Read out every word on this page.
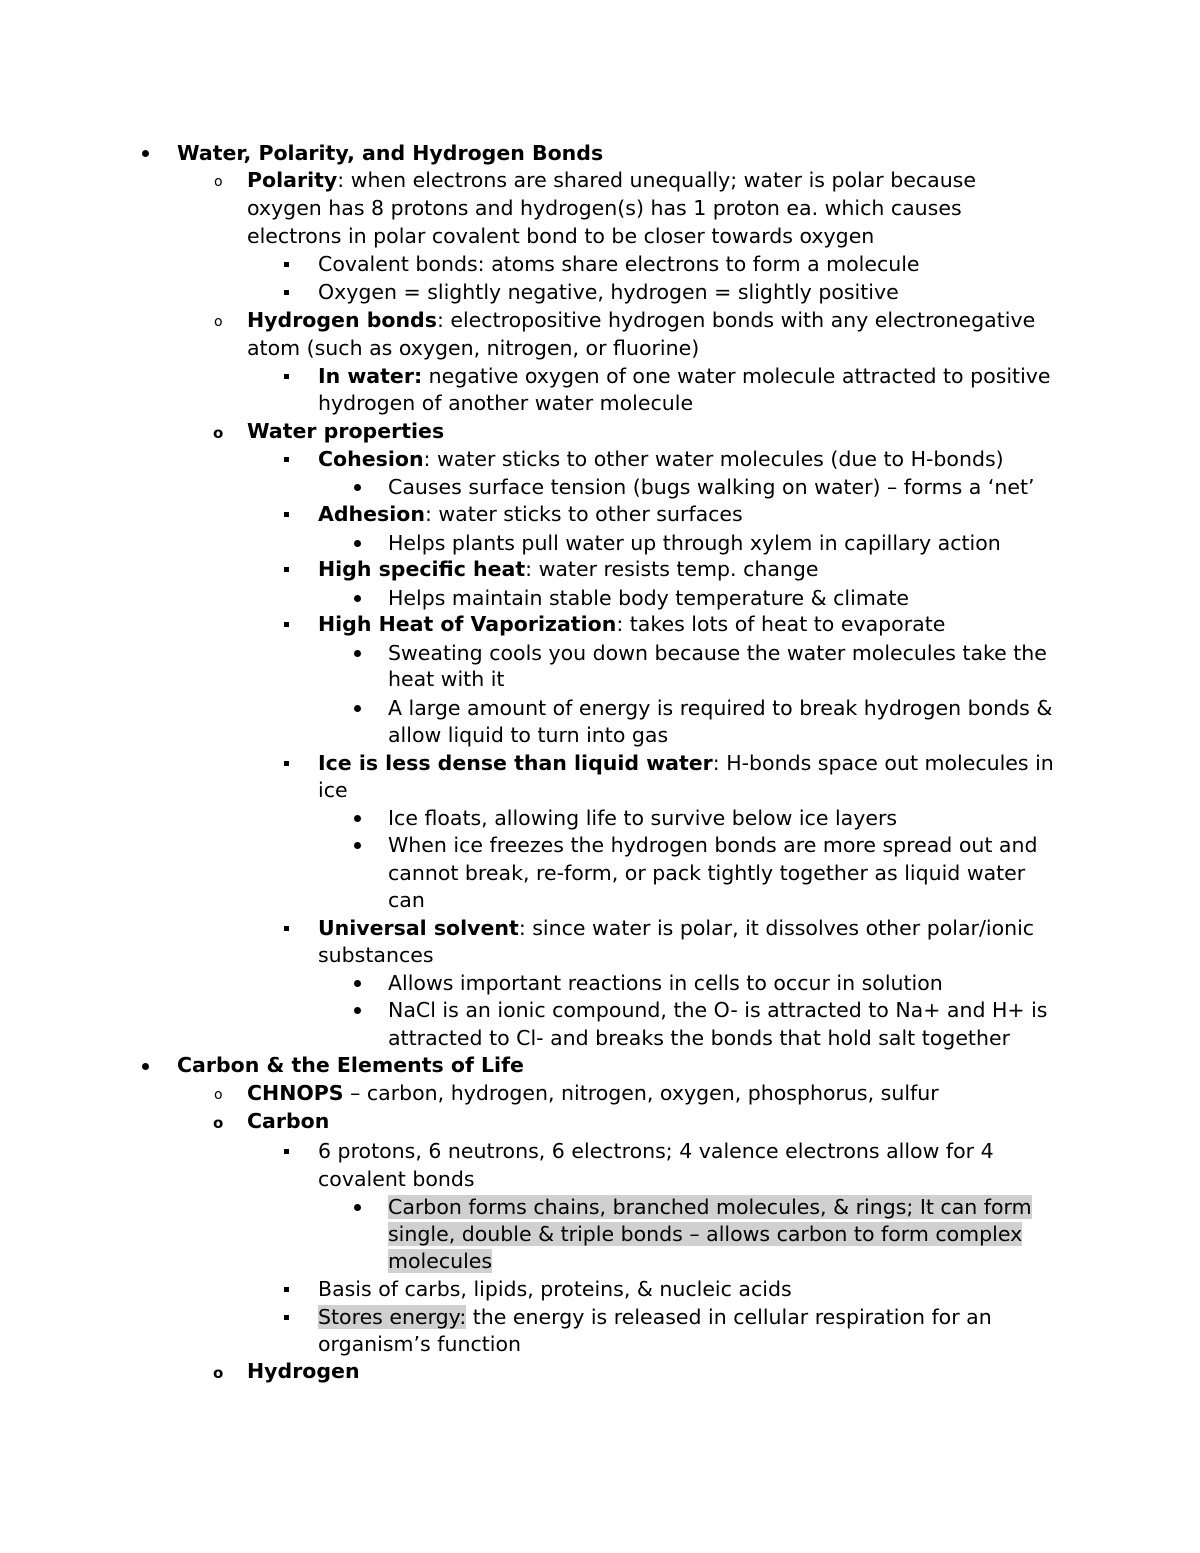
Water, Polarity, and Hydrogen Bonds
o Polarity: when electrons are shared unequally; water is polar because
oxygen has 8 protons and hydrogen(s) has 1 proton ea. which causes
electrons in polar covalent bond to be closer towards oxygen
Covalent bonds: atoms share electrons to form a molecule
Oxygen = slightly negative, hydrogen = slightly positive
o Hydrogen bonds: electropositive hydrogen bonds with any electronegative
atom (such as oxygen, nitrogen, or fluorine)
In water: negative oxygen of one water molecule attracted to positive
hydrogen of another water molecule
o Water properties
Cohesion: water sticks to other water molecules (due to H-bonds)
Causes surface tension (bugs walking on water) – forms a ‘net’
Adhesion: water sticks to other surfaces
Helps plants pull water up through xylem in capillary action
High specific heat: water resists temp. change
Helps maintain stable body temperature & climate
High Heat of Vaporization: takes lots of heat to evaporate
Sweating cools you down because the water molecules take the
heat with it
A large amount of energy is required to break hydrogen bonds &
allow liquid to turn into gas
Ice is less dense than liquid water: H-bonds space out molecules in
ice
Ice floats, allowing life to survive below ice layers
When ice freezes the hydrogen bonds are more spread out and
cannot break, re-form, or pack tightly together as liquid water
can
Universal solvent: since water is polar, it dissolves other polar/ionic
substances
Allows important reactions in cells to occur in solution
NaCl is an ionic compound, the O- is attracted to Na+ and H+ is
attracted to Cl- and breaks the bonds that hold salt together
Carbon & the Elements of Life
o CHNOPS – carbon, hydrogen, nitrogen, oxygen, phosphorus, sulfur
o Carbon
6 protons, 6 neutrons, 6 electrons; 4 valence electrons allow for 4
covalent bonds
Carbon forms chains, branched molecules, & rings; It can form
single, double & triple bonds – allows carbon to form complex
molecules
Basis of carbs, lipids, proteins, & nucleic acids
Stores energy: the energy is released in cellular respiration for an
organism’s function
o Hydrogen
